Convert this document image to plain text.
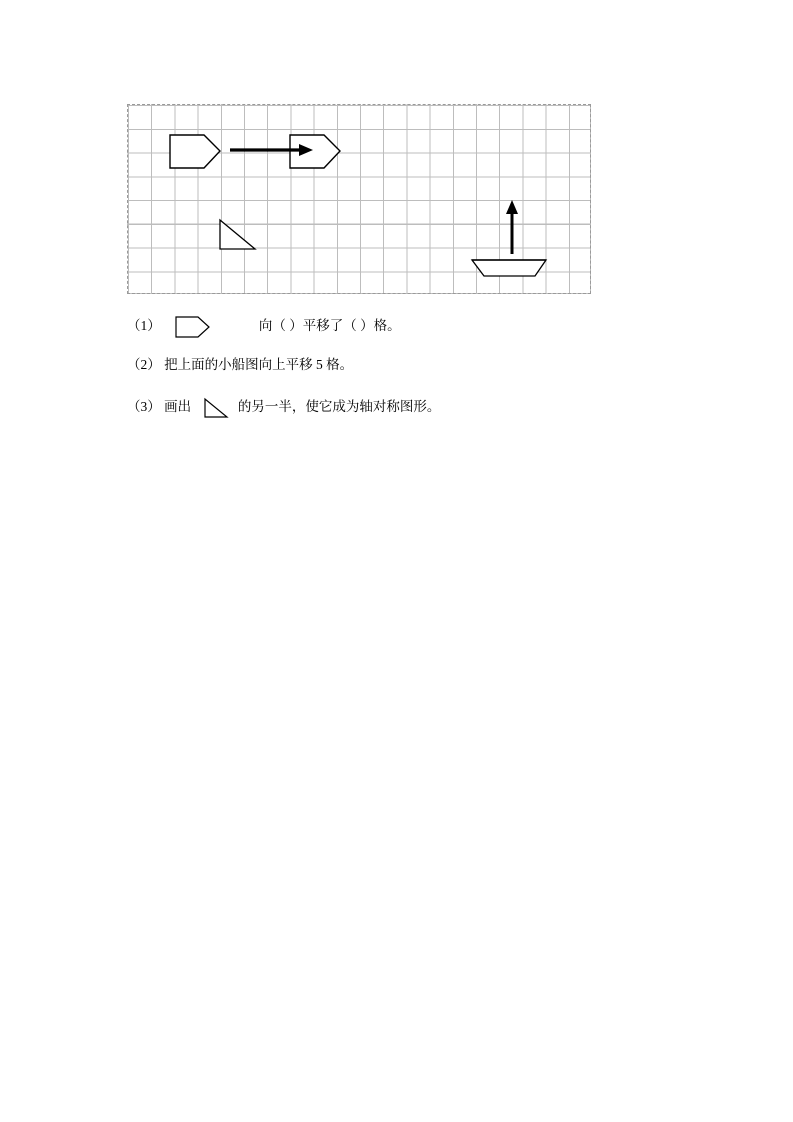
（1）	向（ ）平移了（ ）格。
（2） 把上面的小船图向上平移 5 格。
（3） 画出	的另一半，使它成为轴对称图形。
